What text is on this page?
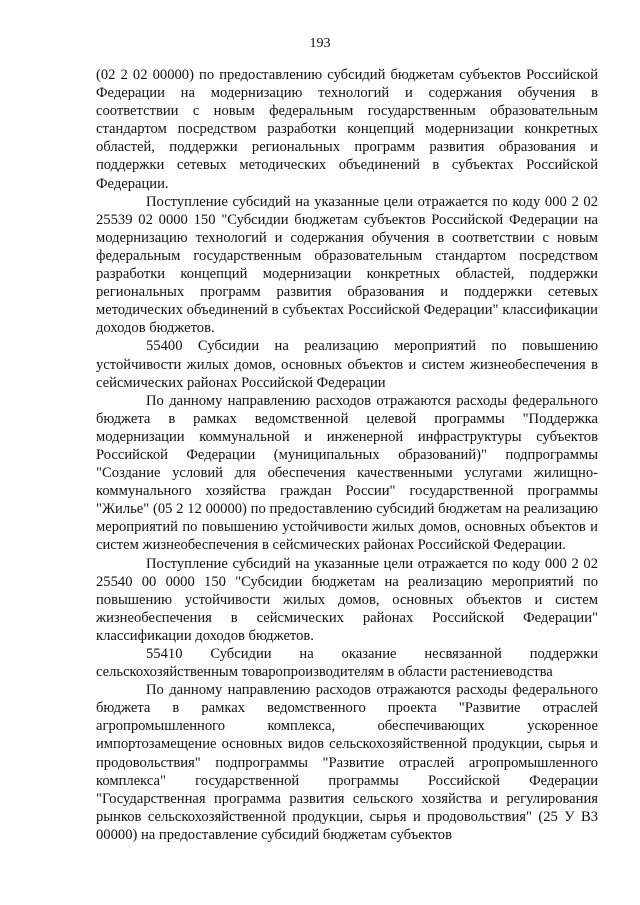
193

(02 2 02 00000) по предоставлению субсидий бюджетам субъектов Российской Федерации на модернизацию технологий и содержания обучения в соответствии с новым федеральным государственным образовательным стандартом посредством разработки концепций модернизации конкретных областей, поддержки региональных программ развития образования и поддержки сетевых методических объединений в субъектах Российской Федерации.

Поступление субсидий на указанные цели отражается по коду 000 2 02 25539 02 0000 150 "Субсидии бюджетам субъектов Российской Федерации на модернизацию технологий и содержания обучения в соответствии с новым федеральным государственным образовательным стандартом посредством разработки концепций модернизации конкретных областей, поддержки региональных программ развития образования и поддержки сетевых методических объединений в субъектах Российской Федерации" классификации доходов бюджетов.

55400 Субсидии на реализацию мероприятий по повышению устойчивости жилых домов, основных объектов и систем жизнеобеспечения в сейсмических районах Российской Федерации

По данному направлению расходов отражаются расходы федерального бюджета в рамках ведомственной целевой программы "Поддержка модернизации коммунальной и инженерной инфраструктуры субъектов Российской Федерации (муниципальных образований)" подпрограммы "Создание условий для обеспечения качественными услугами жилищно-коммунального хозяйства граждан России" государственной программы "Жилье" (05 2 12 00000) по предоставлению субсидий бюджетам на реализацию мероприятий по повышению устойчивости жилых домов, основных объектов и систем жизнеобеспечения в сейсмических районах Российской Федерации.

Поступление субсидий на указанные цели отражается по коду 000 2 02 25540 00 0000 150 "Субсидии бюджетам на реализацию мероприятий по повышению устойчивости жилых домов, основных объектов и систем жизнеобеспечения в сейсмических районах Российской Федерации" классификации доходов бюджетов.

55410 Субсидии на оказание несвязанной поддержки сельскохозяйственным товаропроизводителям в области растениеводства

По данному направлению расходов отражаются расходы федерального бюджета в рамках ведомственного проекта "Развитие отраслей агропромышленного комплекса, обеспечивающих ускоренное импортозамещение основных видов сельскохозяйственной продукции, сырья и продовольствия" подпрограммы "Развитие отраслей агропромышленного комплекса" государственной программы Российской Федерации "Государственная программа развития сельского хозяйства и регулирования рынков сельскохозяйственной продукции, сырья и продовольствия" (25 У В3 00000) на предоставление субсидий бюджетам субъектов
